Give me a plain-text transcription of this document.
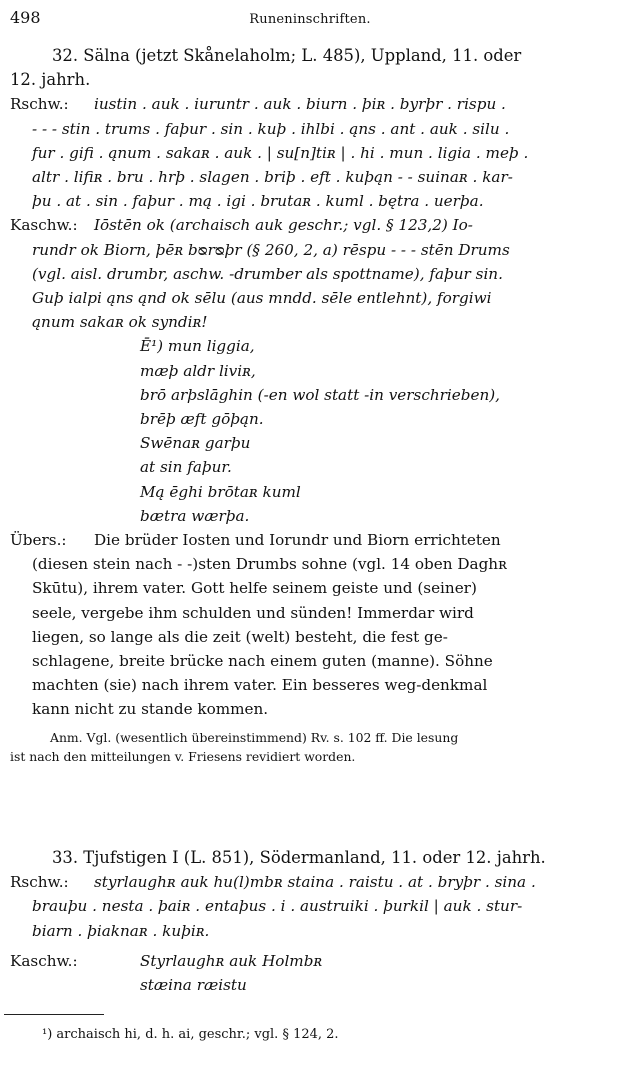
498	Runeninschriften.
32. Sälna (jetzt Skånelaholm; L. 485), Uppland, 11. oder
12. jahrh.
Rschw.: iustin . auk . iuruntr . auk . biurn . þiʀ . byrþr . rispu .
- - - stin . trums . faþur . sin . kuþ . ihlbi . ąns . ant . auk . silu .
fur . gifi . ąnum . sakaʀ . auk . | su[n]tiʀ | . hi . mun . ligia . meþ .
altr . lifiʀ . bru . hrþ . slagen . briþ . eft . kuþąn - - suinaʀ . kar-
þu . at . sin . faþur . mą . igi . brutaʀ . kuml . bętra . uerþa.
Kaschw.: Iōstēn ok (archaisch auk geschr.; vgl. § 123,2) Io-
rundr ok Biorn, þēʀ bᴓrᴓþr (§ 260, 2, a) rēspu - - - stēn Drums
(vgl. aisl. drumbr, aschw. -drumber als spottname), faþur sin.
Guþ ialpi ąns ąnd ok sēlu (aus mndd. sēle entlehnt), forgiwi
ąnum sakaʀ ok syndiʀ!
Ē¹) mun liggia,
mæþ aldr liviʀ,
brō arþslāghin (-en wol statt -in verschrieben),
brēþ æft gōþąn.
Swēnaʀ garþu
at sin faþur.
Mą ēghi brōtaʀ kuml
bætra wærþa.
Übers.: Die brüder Iosten und Iorundr und Biorn errichteten
(diesen stein nach - -)sten Drumbs sohne (vgl. 14 oben Daghʀ
Skūtu), ihrem vater. Gott helfe seinem geiste und (seiner)
seele, vergebe ihm schulden und sünden! Immerdar wird
liegen, so lange als die zeit (welt) besteht, die fest ge-
schlagene, breite brücke nach einem guten (manne). Söhne
machten (sie) nach ihrem vater. Ein besseres weg-denkmal
kann nicht zu stande kommen.
Anm. Vgl. (wesentlich übereinstimmend) Rv. s. 102 ff. Die lesung
ist nach den mitteilungen v. Friesens revidiert worden.
33. Tjufstigen I (L. 851), Södermanland, 11. oder 12. jahrh.
Rschw.: styrlaughʀ auk hu(l)mbʀ staina . raistu . at . bryþr . sina .
brauþu . nesta . þaiʀ . entaþus . i . austruiki . þurkil | auk . stur-
biarn . þiaknaʀ . kuþiʀ.
Kaschw.:	Styrlaughʀ auk Holmbʀ
stæina ræistu
¹) archaisch hi, d. h. ai, geschr.; vgl. § 124, 2.
